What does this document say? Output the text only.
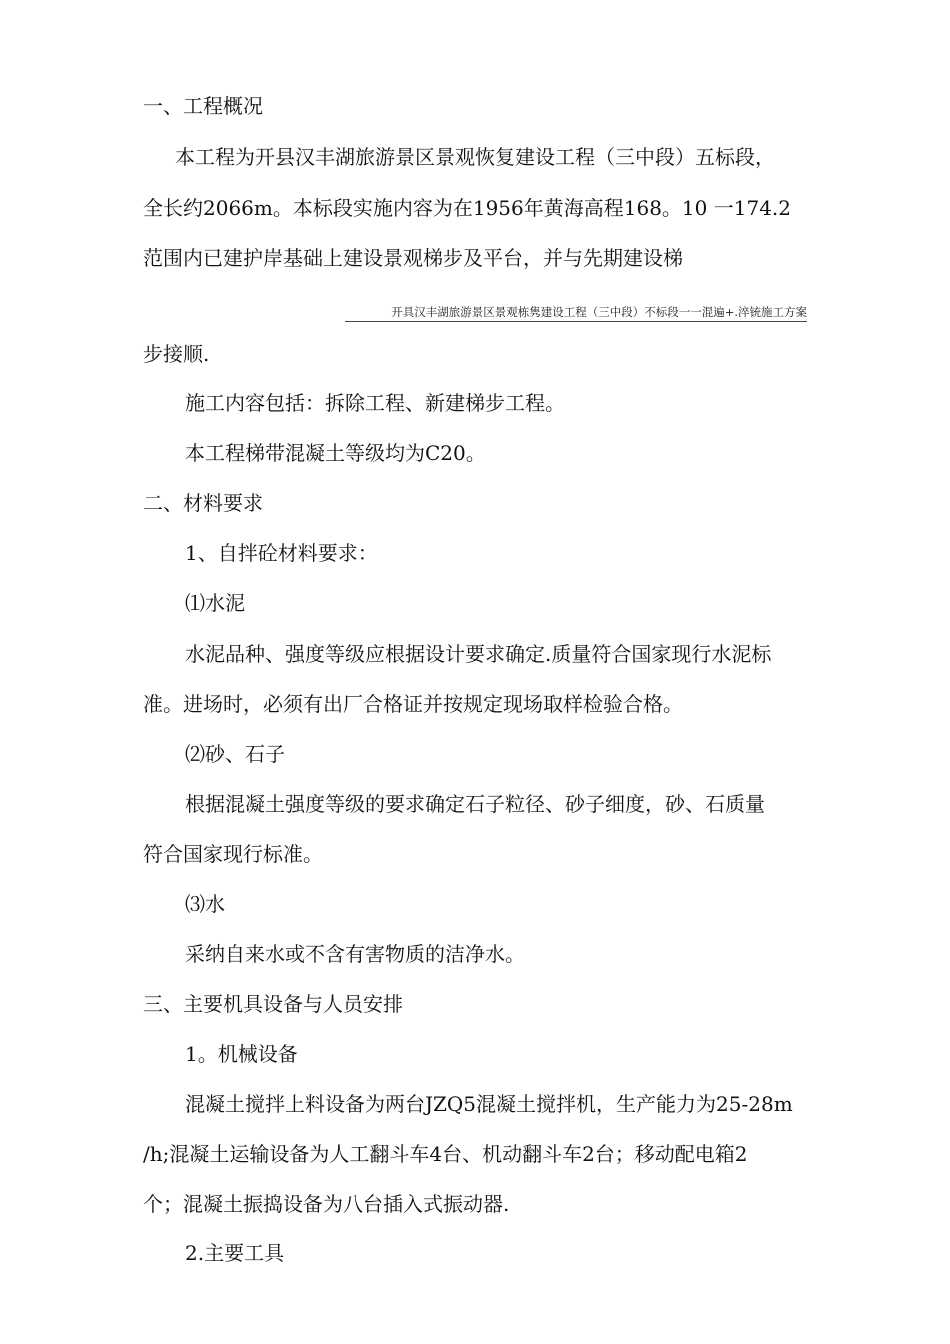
一、工程概况
本工程为开县汉丰湖旅游景区景观恢复建设工程（三中段）五标段，
全长约2066m。本标段实施内容为在1956年黄海高程168。10 一174.2
范围内已建护岸基础上建设景观梯步及平台，并与先期建设梯
开具汉丰湖旅游景区景观栋隽建设工程（三中段）不标段一一混遍+.淬铳施工方案
步接顺.
施工内容包括：拆除工程、新建梯步工程。
本工程梯带混凝土等级均为C20。
二、材料要求
1、自拌砼材料要求：
⑴水泥
水泥品种、强度等级应根据设计要求确定.质量符合国家现行水泥标
准。进场时，必须有出厂合格证并按规定现场取样检验合格。
⑵砂、石子
根据混凝土强度等级的要求确定石子粒径、砂子细度，砂、石质量
符合国家现行标准。
⑶水
采纳自来水或不含有害物质的洁净水。
三、主要机具设备与人员安排
1。机械设备
混凝土搅拌上料设备为两台JZQ5混凝土搅拌机，生产能力为25-28m
/h;混凝土运输设备为人工翻斗车4台、机动翻斗车2台；移动配电箱2
个；混凝土振捣设备为八台插入式振动器.
2.主要工具
